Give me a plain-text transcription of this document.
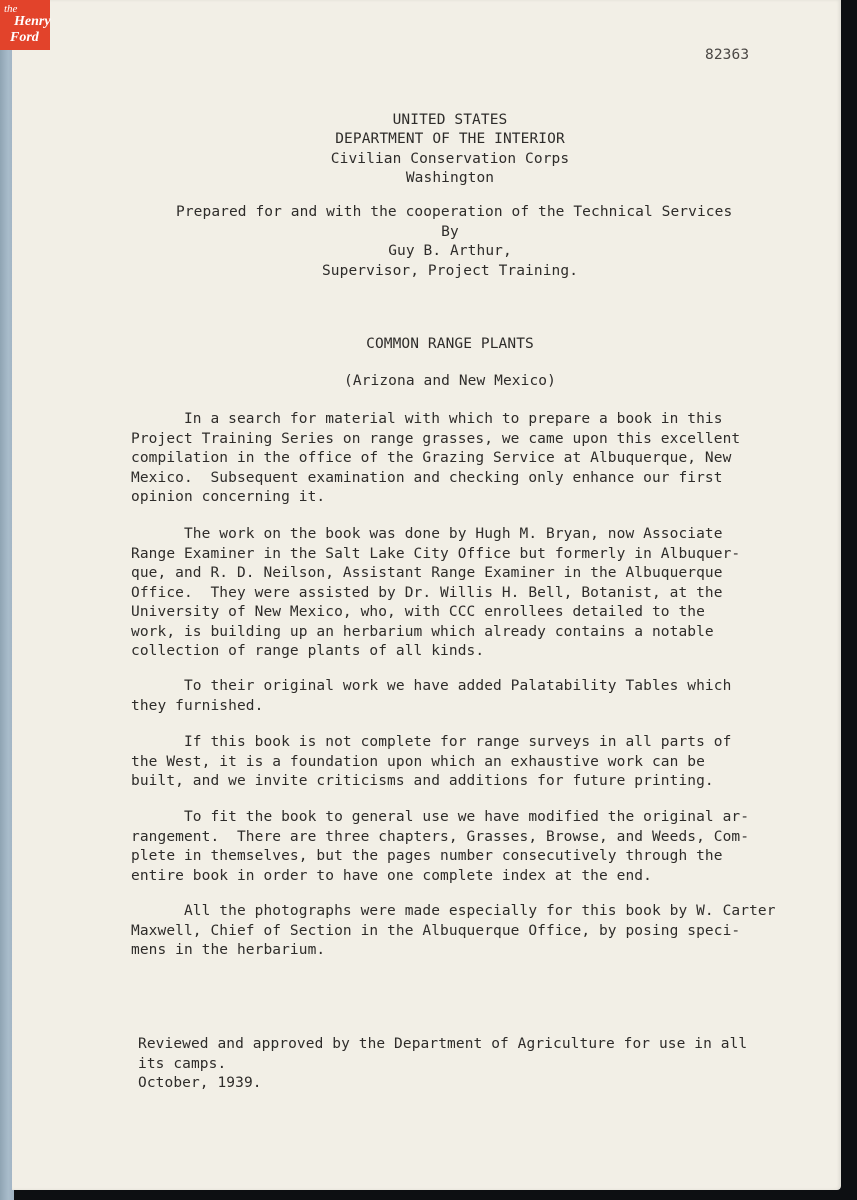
the
Henry
Ford
82363
UNITED STATES
DEPARTMENT OF THE INTERIOR
Civilian Conservation Corps
Washington
Prepared for and with the cooperation of the Technical Services
By
Guy B. Arthur,
Supervisor, Project Training.
COMMON RANGE PLANTS
(Arizona and New Mexico)
In a search for material with which to prepare a book in this
Project Training Series on range grasses, we came upon this excellent
compilation in the office of the Grazing Service at Albuquerque, New
Mexico.  Subsequent examination and checking only enhance our first
opinion concerning it.
The work on the book was done by Hugh M. Bryan, now Associate
Range Examiner in the Salt Lake City Office but formerly in Albuquer-
que, and R. D. Neilson, Assistant Range Examiner in the Albuquerque
Office.  They were assisted by Dr. Willis H. Bell, Botanist, at the
University of New Mexico, who, with CCC enrollees detailed to the
work, is building up an herbarium which already contains a notable
collection of range plants of all kinds.
To their original work we have added Palatability Tables which
they furnished.
If this book is not complete for range surveys in all parts of
the West, it is a foundation upon which an exhaustive work can be
built, and we invite criticisms and additions for future printing.
To fit the book to general use we have modified the original ar-
rangement.  There are three chapters, Grasses, Browse, and Weeds, Com-
plete in themselves, but the pages number consecutively through the
entire book in order to have one complete index at the end.
All the photographs were made especially for this book by W. Carter
Maxwell, Chief of Section in the Albuquerque Office, by posing speci-
mens in the herbarium.
Reviewed and approved by the Department of Agriculture for use in all
its camps.
October, 1939.
